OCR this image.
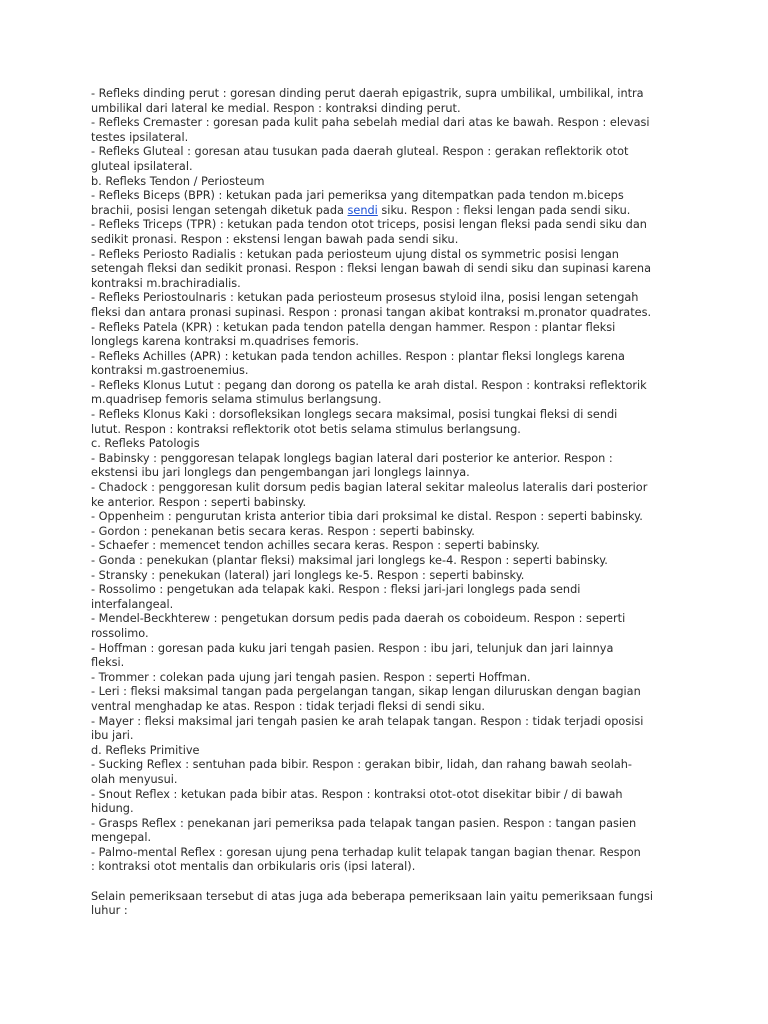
- Refleks dinding perut : goresan dinding perut daerah epigastrik, supra umbilikal, umbilikal, intra
umbilikal dari lateral ke medial. Respon : kontraksi dinding perut.
- Refleks Cremaster : goresan pada kulit paha sebelah medial dari atas ke bawah. Respon : elevasi
testes ipsilateral.
- Refleks Gluteal : goresan atau tusukan pada daerah gluteal. Respon : gerakan reflektorik otot
gluteal ipsilateral.
b. Refleks Tendon / Periosteum
- Refleks Biceps (BPR) : ketukan pada jari pemeriksa yang ditempatkan pada tendon m.biceps
brachii, posisi lengan setengah diketuk pada sendi siku. Respon : fleksi lengan pada sendi siku.
- Refleks Triceps (TPR) : ketukan pada tendon otot triceps, posisi lengan fleksi pada sendi siku dan
sedikit pronasi. Respon : ekstensi lengan bawah pada sendi siku.
- Refleks Periosto Radialis : ketukan pada periosteum ujung distal os symmetric posisi lengan
setengah fleksi dan sedikit pronasi. Respon : fleksi lengan bawah di sendi siku dan supinasi karena
kontraksi m.brachiradialis.
- Refleks Periostoulnaris : ketukan pada periosteum prosesus styloid ilna, posisi lengan setengah
fleksi dan antara pronasi supinasi. Respon : pronasi tangan akibat kontraksi m.pronator quadrates.
- Refleks Patela (KPR) : ketukan pada tendon patella dengan hammer. Respon : plantar fleksi
longlegs karena kontraksi m.quadrises femoris.
- Refleks Achilles (APR) : ketukan pada tendon achilles. Respon : plantar fleksi longlegs karena
kontraksi m.gastroenemius.
- Refleks Klonus Lutut : pegang dan dorong os patella ke arah distal. Respon : kontraksi reflektorik
m.quadrisep femoris selama stimulus berlangsung.
- Refleks Klonus Kaki : dorsofleksikan longlegs secara maksimal, posisi tungkai fleksi di sendi
lutut. Respon : kontraksi reflektorik otot betis selama stimulus berlangsung.
c. Refleks Patologis
- Babinsky : penggoresan telapak longlegs bagian lateral dari posterior ke anterior. Respon :
ekstensi ibu jari longlegs dan pengembangan jari longlegs lainnya.
- Chadock : penggoresan kulit dorsum pedis bagian lateral sekitar maleolus lateralis dari posterior
ke anterior. Respon : seperti babinsky.
- Oppenheim : pengurutan krista anterior tibia dari proksimal ke distal. Respon : seperti babinsky.
- Gordon : penekanan betis secara keras. Respon : seperti babinsky.
- Schaefer : memencet tendon achilles secara keras. Respon : seperti babinsky.
- Gonda : penekukan (plantar fleksi) maksimal jari longlegs ke-4. Respon : seperti babinsky.
- Stransky : penekukan (lateral) jari longlegs ke-5. Respon : seperti babinsky.
- Rossolimo : pengetukan ada telapak kaki. Respon : fleksi jari-jari longlegs pada sendi
interfalangeal.
- Mendel-Beckhterew : pengetukan dorsum pedis pada daerah os coboideum. Respon : seperti
rossolimo.
- Hoffman : goresan pada kuku jari tengah pasien. Respon : ibu jari, telunjuk dan jari lainnya
fleksi.
- Trommer : colekan pada ujung jari tengah pasien. Respon : seperti Hoffman.
- Leri : fleksi maksimal tangan pada pergelangan tangan, sikap lengan diluruskan dengan bagian
ventral menghadap ke atas. Respon : tidak terjadi fleksi di sendi siku.
- Mayer : fleksi maksimal jari tengah pasien ke arah telapak tangan. Respon : tidak terjadi oposisi
ibu jari.
d. Refleks Primitive
- Sucking Reflex : sentuhan pada bibir. Respon : gerakan bibir, lidah, dan rahang bawah seolah-
olah menyusui.
- Snout Reflex : ketukan pada bibir atas. Respon : kontraksi otot-otot disekitar bibir / di bawah
hidung.
- Grasps Reflex : penekanan jari pemeriksa pada telapak tangan pasien. Respon : tangan pasien
mengepal.
- Palmo-mental Reflex : goresan ujung pena terhadap kulit telapak tangan bagian thenar. Respon
: kontraksi otot mentalis dan orbikularis oris (ipsi lateral).
Selain pemeriksaan tersebut di atas juga ada beberapa pemeriksaan lain yaitu pemeriksaan fungsi
luhur :
